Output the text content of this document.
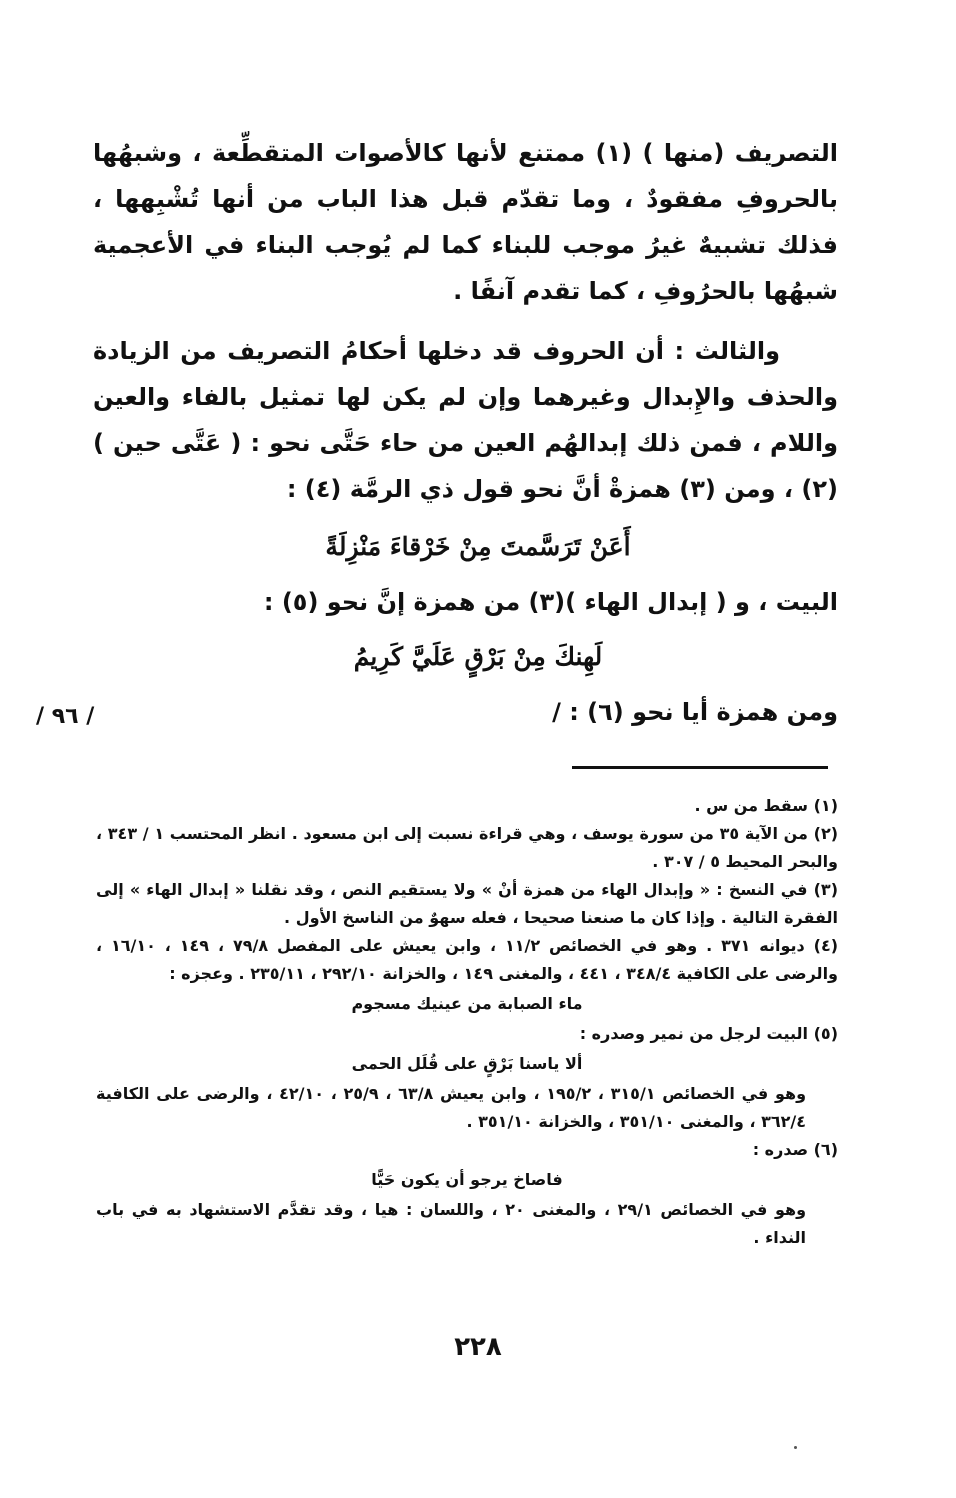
التصريف (منها ) (١) ممتنع لأنها كالأصوات المتقطِّعة ، وشبهُها بالحروفِ مفقودٌ ، وما تقدّم قبل هذا الباب من أنها تُشْبِهها ، فذلك تشبيهٌ غيرُ موجب للبناء كما لم يُوجب البناء في الأعجمية شبهُها بالحرُوفِ ، كما تقدم آنفًا .

والثالث : أن الحروف قد دخلها أحكامُ التصريف من الزيادة والحذف والإِبدال وغيرهما وإن لم يكن لها تمثيل بالفاء والعين واللام ، فمن ذلك إبدالهُم العين من حاء حَتَّى نحو : ( عَتَّى حين )(٢) ، ومن (٣) همزةْ أنَّ نحو قول ذي الرمَّة (٤) :

أَعَنْ تَرَسَّمتَ مِنْ خَرْقاءَ مَنْزِلَةً
البيت ، و ( إبدال الهاء )(٣) من همزة إنَّ نحو (٥) :
لَهِنكَ مِنْ بَرْقٍ عَلَيَّ كَرِيمُ
ومن همزة أيا نحو (٦) : /
/ ٩٦ /

(١) سقط من س .

(٢) من الآية ٣٥ من سورة يوسف ، وهي قراءة نسبت إلى ابن مسعود . انظر المحتسب ١ / ٣٤٣ ، والبحر المحيط ٥ / ٣٠٧ .

(٣) في النسخ : « وإبدال الهاء من همزة أنْ » ولا يستقيم النص ، وقد نقلنا « إبدال الهاء » إلى الفقرة التالية . وإذا كان ما صنعنا صحيحا ، فعله سهوٌ من الناسخ الأول .

(٤) ديوانه ٣٧١ . وهو في الخصائص ١١/٢ ، وابن يعيش على المفصل ٧٩/٨ ، ١٤٩ ، ١٦/١٠ ، والرضى على الكافية ٣٤٨/٤ ، ٤٤١ ، والمغنى ١٤٩ ، والخزانة ٢٩٢/١٠ ، ٢٣٥/١١ . وعجزه :

ماء الصبابة من عينيك مسجوم

(٥) البيت لرجل من نمير وصدره :

ألا ياسنا بَرْقٍ على قُلَل الحمى

وهو في الخصائص ٣١٥/١ ، ١٩٥/٢ ، وابن يعيش ٦٣/٨ ، ٢٥/٩ ، ٤٢/١٠ ، والرضى على الكافية ٣٦٢/٤ ، والمغنى ٣٥١/١٠ ، والخزانة ٣٥١/١٠ .

(٦) صدره :

فاصاخ يرجو أن يكون حَيًّا

وهو في الخصائص ٢٩/١ ، والمغنى ٢٠ ، واللسان : هيا ، وقد تقدَّم الاستشهاد به في باب النداء .

٢٢٨
